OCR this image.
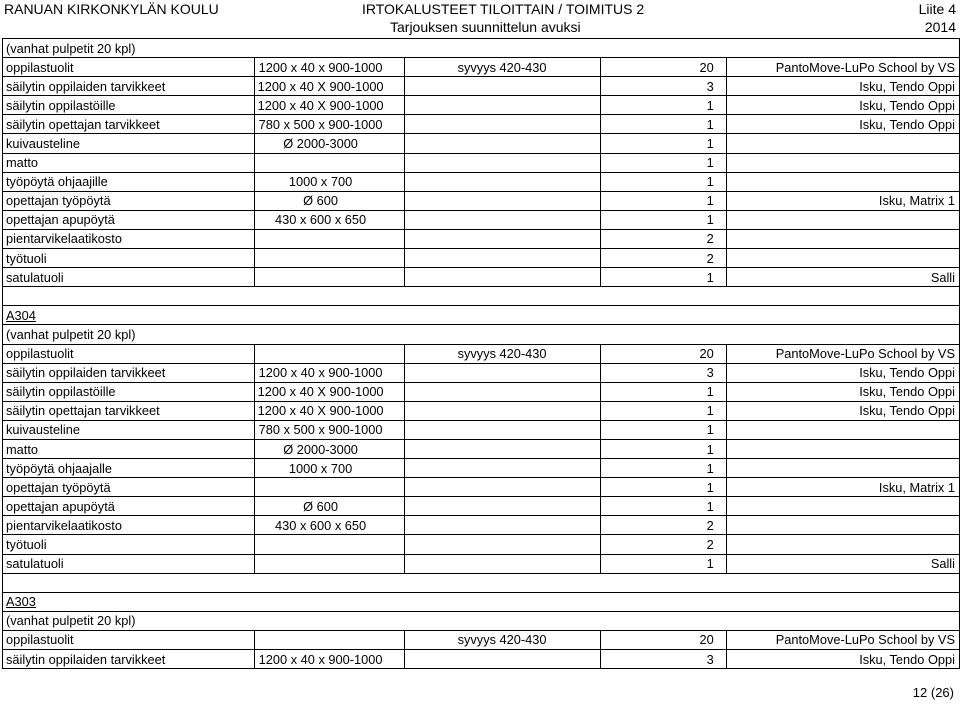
RANUAN KIRKONKYLÄN KOULU	IRTOKALUSTEET TILOITTAIN / TOIMITUS 2
Tarjouksen suunnittelun avuksi
Liite 4
2014
(vanhat pulpetit 20 kpl)				
oppilastuolit	1200 x 40 x 900-1000	syvyys 420-430	20	PantoMove-LuPo School by VS
säilytin oppilaiden tarvikkeet	1200 x 40 X 900-1000		3	Isku, Tendo Oppi
säilytin oppilastöille	1200 x 40 X 900-1000		1	Isku, Tendo Oppi
säilytin opettajan tarvikkeet	780 x 500 x 900-1000		1	Isku, Tendo Oppi
kuivausteline	Ø 2000-3000		1	
matto			1	
työpöytä ohjaajille	1000 x 700		1	
opettajan työpöytä	Ø 600		1	Isku, Matrix 1
opettajan apupöytä	430 x 600 x 650		1	
pientarvikelaatikosto			2	
työtuoli			2	
satulatuoli			1	Salli

A304				
(vanhat pulpetit 20 kpl)				
oppilastuolit		syvyys 420-430	20	PantoMove-LuPo School by VS
säilytin oppilaiden tarvikkeet	1200 x 40 x 900-1000		3	Isku, Tendo Oppi
säilytin oppilastöille	1200 x 40 X 900-1000		1	Isku, Tendo Oppi
säilytin opettajan tarvikkeet	1200 x 40 X 900-1000		1	Isku, Tendo Oppi
kuivausteline	780 x 500 x 900-1000		1	
matto	Ø 2000-3000		1	
työpöytä ohjaajalle	1000 x 700		1	
opettajan työpöytä			1	Isku, Matrix 1
opettajan apupöytä	Ø 600		1	
pientarvikelaatikosto	430 x 600 x 650		2	
työtuoli			2	
satulatuoli			1	Salli

A303				
(vanhat pulpetit 20 kpl)				
oppilastuolit		syvyys 420-430	20	PantoMove-LuPo School by VS
säilytin oppilaiden tarvikkeet	1200 x 40 x 900-1000		3	Isku, Tendo Oppi
12 (26)
